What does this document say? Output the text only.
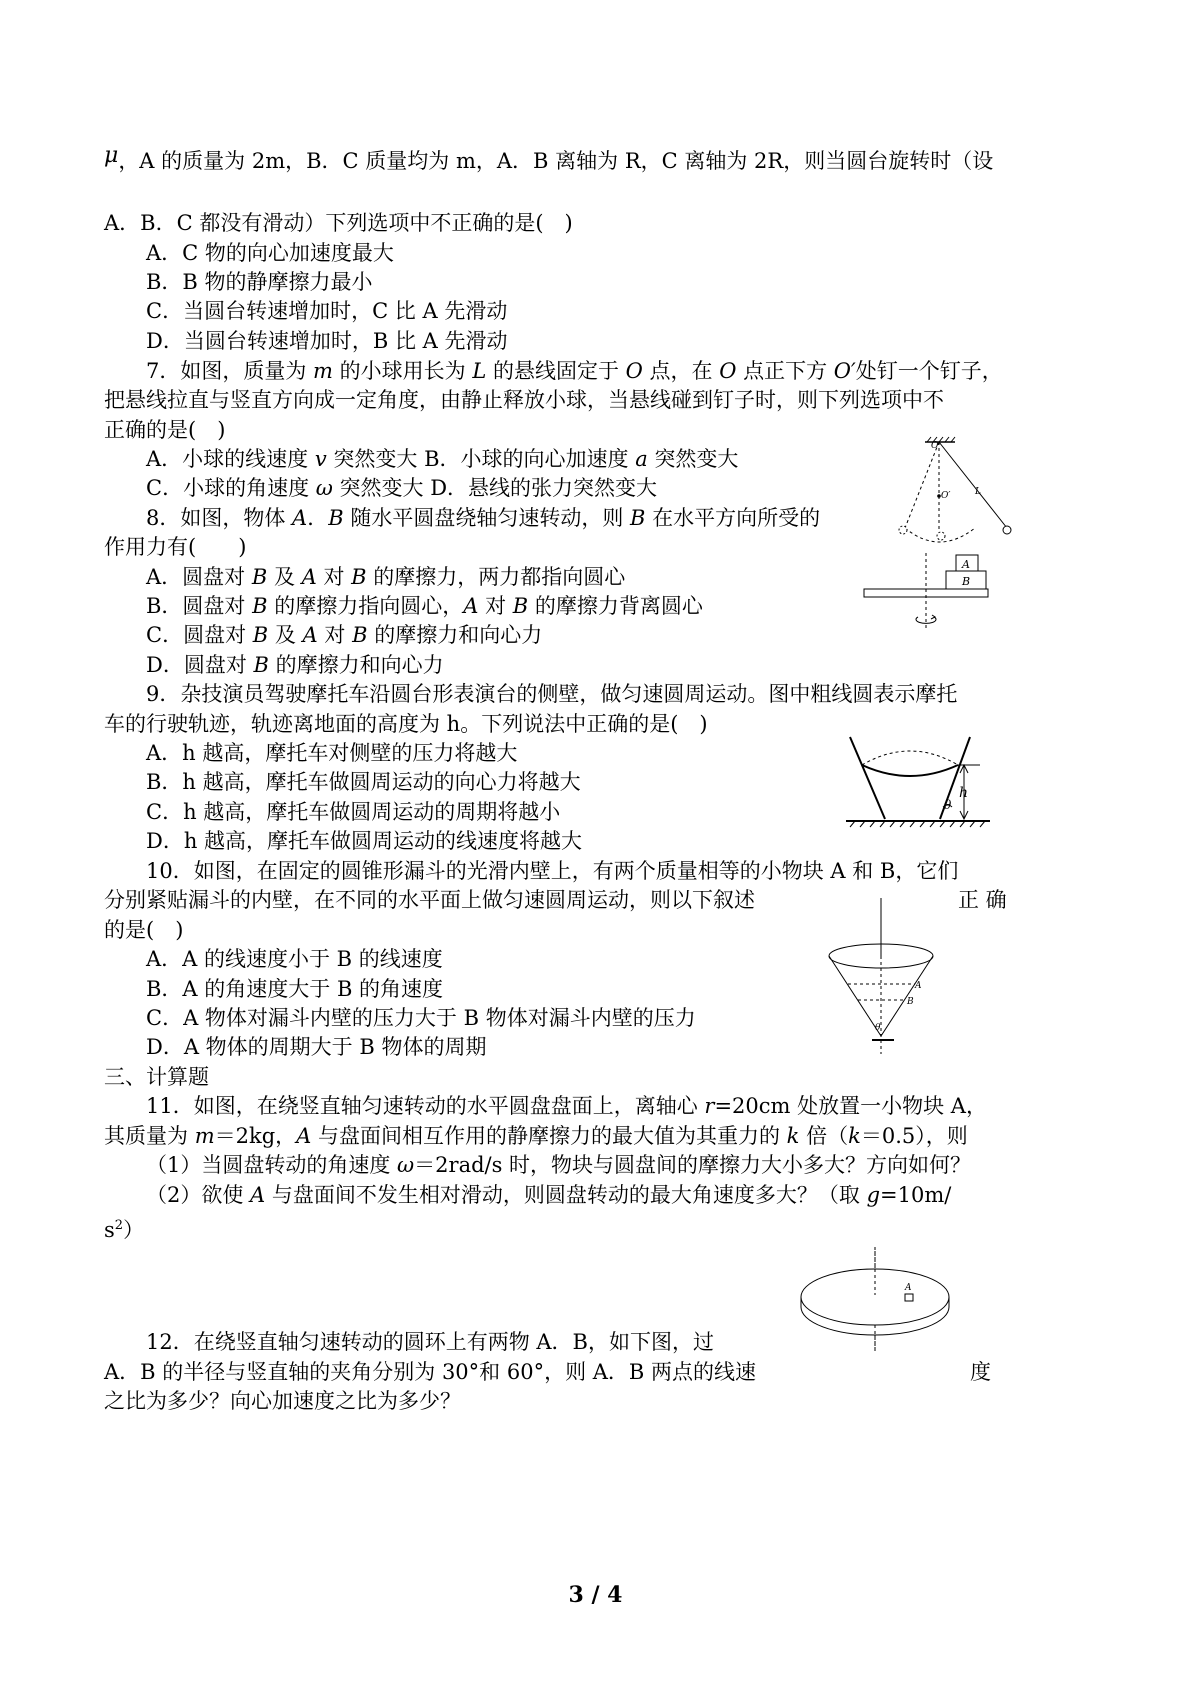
μ，A 的质量为 2m，B．C 质量均为 m，A．B 离轴为 R，C 离轴为 2R，则当圆台旋转时（设
A．B．C 都没有滑动）下列选项中不正确的是(　)
A．C 物的向心加速度最大
B．B 物的静摩擦力最小
C．当圆台转速增加时，C 比 A 先滑动
D．当圆台转速增加时，B 比 A 先滑动
7．如图，质量为 m 的小球用长为 L 的悬线固定于 O 点，在 O 点正下方 O′处钉一个钉子，
把悬线拉直与竖直方向成一定角度，由静止释放小球，当悬线碰到钉子时，则下列选项中不
正确的是(　)
A．小球的线速度 v 突然变大 B．小球的向心加速度 a 突然变大
C．小球的角速度 ω 突然变大 D．悬线的张力突然变大
O
O′	L
8．如图，物体 A．B 随水平圆盘绕轴匀速转动，则 B 在水平方向所受的
作用力有(　　)
A．圆盘对 B 及 A 对 B 的摩擦力，两力都指向圆心
B．圆盘对 B 的摩擦力指向圆心，A 对 B 的摩擦力背离圆心
C．圆盘对 B 及 A 对 B 的摩擦力和向心力
D．圆盘对 B 的摩擦力和向心力
A
B
9．杂技演员驾驶摩托车沿圆台形表演台的侧壁，做匀速圆周运动。图中粗线圆表示摩托
车的行驶轨迹，轨迹离地面的高度为 h。下列说法中正确的是(　)
A．h 越高，摩托车对侧壁的压力将越大
B．h 越高，摩托车做圆周运动的向心力将越大
C．h 越高，摩托车做圆周运动的周期将越小
D．h 越高，摩托车做圆周运动的线速度将越大
h
θ
10．如图，在固定的圆锥形漏斗的光滑内壁上，有两个质量相等的小物块 A 和 B，它们
分别紧贴漏斗的内壁，在不同的水平面上做匀速圆周运动，则以下叙述	正 确
的是(　)
A．A 的线速度小于 B 的线速度
B．A 的角速度大于 B 的角速度
C．A 物体对漏斗内壁的压力大于 B 物体对漏斗内壁的压力
D．A 物体的周期大于 B 物体的周期
A
B
θ
三、计算题
11．如图，在绕竖直轴匀速转动的水平圆盘盘面上，离轴心 r=20cm 处放置一小物块 A，
其质量为 m＝2kg，A 与盘面间相互作用的静摩擦力的最大值为其重力的 k 倍（k＝0.5），则
（1）当圆盘转动的角速度 ω＝2rad/s 时，物块与圆盘间的摩擦力大小多大？方向如何？
（2）欲使 A 与盘面间不发生相对滑动，则圆盘转动的最大角速度多大？（取 g=10m/
$s^2$）
A
12．在绕竖直轴匀速转动的圆环上有两物 A．B，如下图，过
A．B 的半径与竖直轴的夹角分别为 30°和 60°，则 A．B 两点的线速	度
之比为多少？向心加速度之比为多少？
3 / 4
